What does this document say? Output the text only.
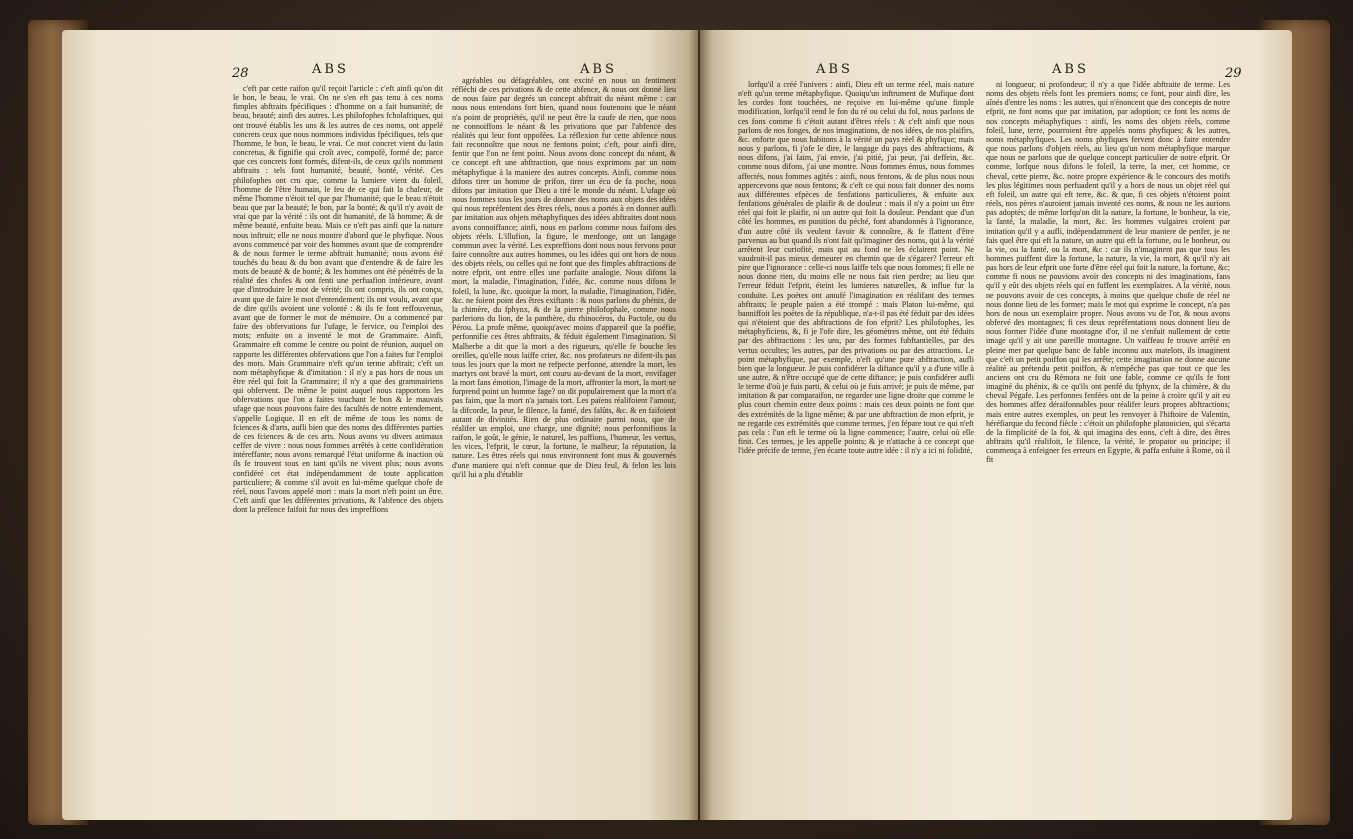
28	ABS	ABS	ABS	ABS	29

c'eft par cette raifon qu'il reçoit l'article : c'eft ainfi qu'on dit le bon, le beau, le vrai. On ne s'en eft pas tenu à ces noms fimples abftraits fpécifiques : d'homme on a fait humanité; de beau, beauté; ainfi des autres. Les philofophes fcholaftiques, qui ont trouvé établis les uns & les autres de ces noms, ont appelé concrets ceux que nous nommons individus fpécifiques, tels que l'homme, le bon, le beau, le vrai. Ce mot concret vient du latin concretus, & fignifie qui croît avec, compofé, formé de; parce que ces concrets font formés, difent-ils, de ceux qu'ils nomment abftraits : tels font humanité, beauté, bonté, vérité. Ces philofophes ont cru que, comme la lumiere vient du foleil, l'homme de l'être humain, le feu de ce qui fait la chaleur, de même l'homme n'étoit tel que par l'humanité; que le beau n'étoit beau que par la beauté; le bon, par la bonté; & qu'il n'y avoit de vrai que par la vérité : ils ont dit humanité, de là homme; & de même beauté, enfuite beau. Mais ce n'eft pas ainfi que la nature nous inftruit; elle ne nous montre d'abord que le phyfique. Nous avons commencé par voir des hommes avant que de comprendre & de nous former le terme abftrait humanité; nous avons été touchés du beau & du bon avant que d'entendre & de faire les mots de beauté & de bonté; & les hommes ont été pénétrés de la réalité des chofes & ont fenti une perfuafion intérieure, avant que d'introduire le mot de vérité; ils ont compris, ils ont conçu, avant que de faire le mot d'entendement; ils ont voulu, avant que de dire qu'ils avoient une volonté : & ils fe font reffouvenus, avant que de former le mot de mémoire. On a commencé par faire des obfervations fur l'ufage, le fervice, ou l'emploi des mots; enfuite on a inventé le mot de Grammaire. Ainfi, Grammaire eft comme le centre ou point de réunion, auquel on rapporte les différentes obfervations que l'on a faites fur l'emploi des mots. Mais Grammaire n'eft qu'un terme abftrait; c'eft un nom métaphyfique & d'imitation : il n'y a pas hors de nous un être réel qui foit la Grammaire; il n'y a que des grammairiens qui obfervent. De même le point auquel nous rapportons les obfervations que l'on a faites touchant le bon & le mauvais ufage que nous pouvons faire des facultés de notre entendement, s'appelle Logique. Il en eft de même de tous les noms de fciences & d'arts, aufli bien que des noms des différentes parties de ces fciences & de ces arts. Nous avons vu divers animaux ceffer de vivre : nous nous fommes arrêtés à cette confidération intéreffante; nous avons remarqué l'état uniforme & inaction où ils fe trouvent tous en tant qu'ils ne vivent plus; nous avons confidéré cet état indépendamment de toute application particuliere; & comme s'il avoit en lui-même quelque chofe de réel, nous l'avons appelé mort : mais la mort n'eft point un être. C'eft ainfi que les différentes privations, & l'abfence des objets dont la préfence faifoit fur nous des impreffions

agréables ou défagréables, ont excité en nous un fentiment réfléchi de ces privations & de cette abfence, & nous ont donné lieu de nous faire par degrés un concept abftrait du néant même : car nous nous entendons fort bien, quand nous foutenons que le néant n'a point de propriétés, qu'il ne peut être la caufe de rien, que nous ne connoiffons le néant & les privations que par l'abfence des réalités qui leur font oppofées. La réflexion fur cette abfence nous fait reconnoître que nous ne fentons point; c'eft, pour ainfi dire, fentir que l'on ne fent point. Nous avons donc concept du néant, & ce concept eft une abftraction, que nous exprimons par un nom métaphyfique à la maniere des autres concepts. Ainfi, comme nous difons tirer un homme de prifon, tirer un écu de fa poche, nous difons par imitation que Dieu a tiré le monde du néant. L'ufage où nous fommes tous les jours de donner des noms aux objets des idées qui nous repréfentent des êtres réels, nous a portés à en donner aufli par imitation aux objets métaphyfiques des idées abftraites dont nous avons connoiffance; ainfi, nous en parlons comme nous faifons des objets réels. L'illufion, la figure, le menfonge, ont un langage commun avec la vérité. Les expreffions dont nous nous fervons pour faire connoître aux autres hommes, ou les idées qui ont hors de nous des objets réels, ou celles qui ne font que des fimples abftractions de notre efprit, ont entre elles une parfaite analogie. Nous difons la mort, la maladie, l'imagination, l'idée, &c. comme nous difons le foleil, la lune, &c. quoique la mort, la maladie, l'imagination, l'idée, &c. ne foient point des êtres exiftants : & nous parlons du phénix, de la chimère, du fphynx, & de la pierre philofophale, comme nous parlerions du lion, de la panthère, du rhinocéros, du Pactole, ou du Pérou. La profe même, quoiqu'avec moins d'appareil que la poéfie, perfonnifie ces êtres abftraits, & féduit également l'imagination. Si Malherbe a dit que la mort a des rigueurs, qu'elle fe bouche les oreilles, qu'elle nous laiffe crier, &c. nos profateurs ne difent-ils pas tous les jours que la mort ne refpecte perfonne, attendre la mort, les martyrs ont bravé la mort, ont couru au-devant de la mort, envifager la mort fans émotion, l'image de la mort, affronter la mort, la mort ne furprend point un homme fage? on dit populairement que la mort n'a pas faim, que la mort n'a jamais tort. Les païens réalifoient l'amour, la difcorde, la peur, le filence, la fanté, des falûts, &c. & en faifoient autant de divinités. Rien de plus ordinaire parmi nous, que de réalifer un emploi, une charge, une dignité; nous perfonnifions la raifon, le goût, le génie, le naturel, les paffions, l'humeur, les vertus, les vices, l'efprit, le cœur, la fortune, le malheur, la réputation, la nature. Les êtres réels qui nous environnent font mus & gouvernés d'une maniere qui n'eft connue que de Dieu feul, & felon les lois qu'il lui a plu d'établir

lorfqu'il a créé l'univers : ainfi, Dieu eft un terme réel, mais nature n'eft qu'un terme métaphyfique. Quoiqu'un inftrument de Mufique dont les cordes font touchées, ne reçoive en lui-même qu'une fimple modification, lorfqu'il rend le fon du ré ou celui du fol, nous parlons de ces fons comme fi c'étoit autant d'êtres réels : & c'eft ainfi que nous parlons de nos fonges, de nos imaginations, de nos idées, de nos plaifirs, &c. enforte que nous habitons à la vérité un pays réel & phyfique; mais nous y parlons, fi j'ofe le dire, le langage du pays des abftractions, & nous difons, j'ai faim, j'ai envie, j'ai pitié, j'ai peur, j'ai deffein, &c. comme nous difons, j'ai une montre. Nous fommes émus, nous fommes affectés, nous fommes agités : ainfi, nous fentons, & de plus nous nous appercevons que nous fentons; & c'eft ce qui nous fait donner des noms aux différentes efpèces de fenfations particulieres, & enfuite aux fenfations générales de plaifir & de douleur : mais il n'y a point un être réel qui foit le plaifir, ni un autre qui foit la douleur. Pendant que d'un côté les hommes, en punition du péché, font abandonnés à l'ignorance, d'un autre côté ils veulent favoir & connoître, & fe flattent d'être parvenus au but quand ils n'ont fait qu'imaginer des noms, qui à la vérité arrêtent leur curiofité, mais qui au fond ne les éclairent point. Ne vaudroit-il pas mieux demeurer en chemin que de s'égarer? l'erreur eft pire que l'ignorance : celle-ci nous laiffe tels que nous fommes; fi elle ne nous donne rien, du moins elle ne nous fait rien perdre; au lieu que l'erreur féduit l'efprit, éteint les lumieres naturelles, & influe fur la conduite. Les poètes ont amufé l'imagination en réalifant des termes abftraits; le peuple païen a été trompé : mais Platon lui-même, qui banniffoit les poètes de fa république, n'a-t-il pas été féduit par des idées qui n'étoient que des abftractions de fon efprit? Les philofophes, les métaphyficiens, &, fi je l'ofe dire, les géomètres même, ont été féduits par des abftractions : les uns, par des formes fubftantielles, par des vertus occultes; les autres, par des privations ou par des attractions. Le point métaphyfique, par exemple, n'eft qu'une pure abftraction, aufli bien que la longueur. Je puis confidérer la diftance qu'il y a d'une ville à une autre, & n'être occupé que de cette diftance; je puis confidérer aufli le terme d'où je fuis parti, & celui où je fuis arrivé; je puis de même, par imitation & par comparaifon, ne regarder une ligne droite que comme le plus court chemin entre deux points : mais ces deux points ne font que des extrémités de la ligne même; & par une abftraction de mon efprit, je ne regarde ces extrémités que comme termes, j'en fépare tout ce qui n'eft pas cela : l'un eft le terme où la ligne commence; l'autre, celui où elle finit. Ces termes, je les appelle points; & je n'attache à ce concept que l'idée précife de terme, j'en écarte toute autre idée : il n'y a ici ni folidité,

ni longueur, ni profondeur; il n'y a que l'idée abftraite de terme. Les noms des objets réels font les premiers noms; ce font, pour ainfi dire, les aînés d'entre les noms : les autres, qui n'énoncent que des concepts de notre efprit, ne font noms que par imitation, par adoption; ce font les noms de nos concepts métaphyfiques : ainfi, les noms des objets réels, comme foleil, lune, terre, pourroient être appelés noms phyfiques; & les autres, noms métaphyfiques. Les noms phyfiques fervent donc à faire entendre que nous parlons d'objets réels, au lieu qu'un nom métaphyfique marque que nous ne parlons que de quelque concept particulier de notre efprit. Or comme, lorfque nous difons le foleil, la terre, la mer, cet homme, ce cheval, cette pierre, &c. notre propre expérience & le concours des motifs les plus légitimes nous perfuadent qu'il y a hors de nous un objet réel qui eft foleil, un autre qui eft terre, &c. & que, fi ces objets n'étoient point réels, nos pères n'auroient jamais inventé ces noms, & nous ne les aurions pas adoptés; de même lorfqu'on dit la nature, la fortune, le bonheur, la vie, la fanté, la maladie, la mort, &c. les hommes vulgaires croient par imitation qu'il y a aufli, indépendamment de leur maniere de penfer, je ne fais quel être qui eft la nature, un autre qui eft la fortune, ou le bonheur, ou la vie, ou la fanté, ou la mort, &c : car ils n'imaginent pas que tous les hommes puiffent dire la fortune, la nature, la vie, la mort, & qu'il n'y ait pas hors de leur efprit une forte d'être réel qui foit la nature, la fortune, &c; comme fi nous ne pouvions avoir des concepts ni des imaginations, fans qu'il y eût des objets réels qui en fuffent les exemplaires. A la vérité, nous ne pouvons avoir de ces concepts, à moins que quelque chofe de réel ne nous donne lieu de les former; mais le mot qui exprime le concept, n'a pas hors de nous un exemplaire propre. Nous avons vu de l'or, & nous avons obfervé des montagnes; fi ces deux repréfentations nous donnent lieu de nous former l'idée d'une montagne d'or, il ne s'enfuit nullement de cette image qu'il y ait une pareille montagne. Un vaiffeau fe trouve arrêté en pleine mer par quelque banc de fable inconnu aux matelots, ils imaginent que c'eft un petit poiffon qui les arrête; cette imagination ne donne aucune réalité au prétendu petit poiffon, & n'empêche pas que tout ce que les anciens ont cru du Rémora ne foit une fable, comme ce qu'ils fe font imaginé du phénix, & ce qu'ils ont penfé du fphynx, de la chimère, & du cheval Pégafe. Les perfonnes fenfées ont de la peine à croire qu'il y ait eu des hommes affez déraifonnables pour réalifer leurs propres abftractions; mais entre autres exemples, on peut les renvoyer à l'hiftoire de Valentin, héréfiarque du fecond fiècle : c'étoit un philofophe platonicien, qui s'écarta de la fimplicité de la foi, & qui imagina des eons, c'eft à dire, des êtres abftraits qu'il réalifoit, le filence, la vérité, le propator ou principe; il commença à enfeigner fes erreurs en Egypte, & paffa enfuite à Rome, où il fit
